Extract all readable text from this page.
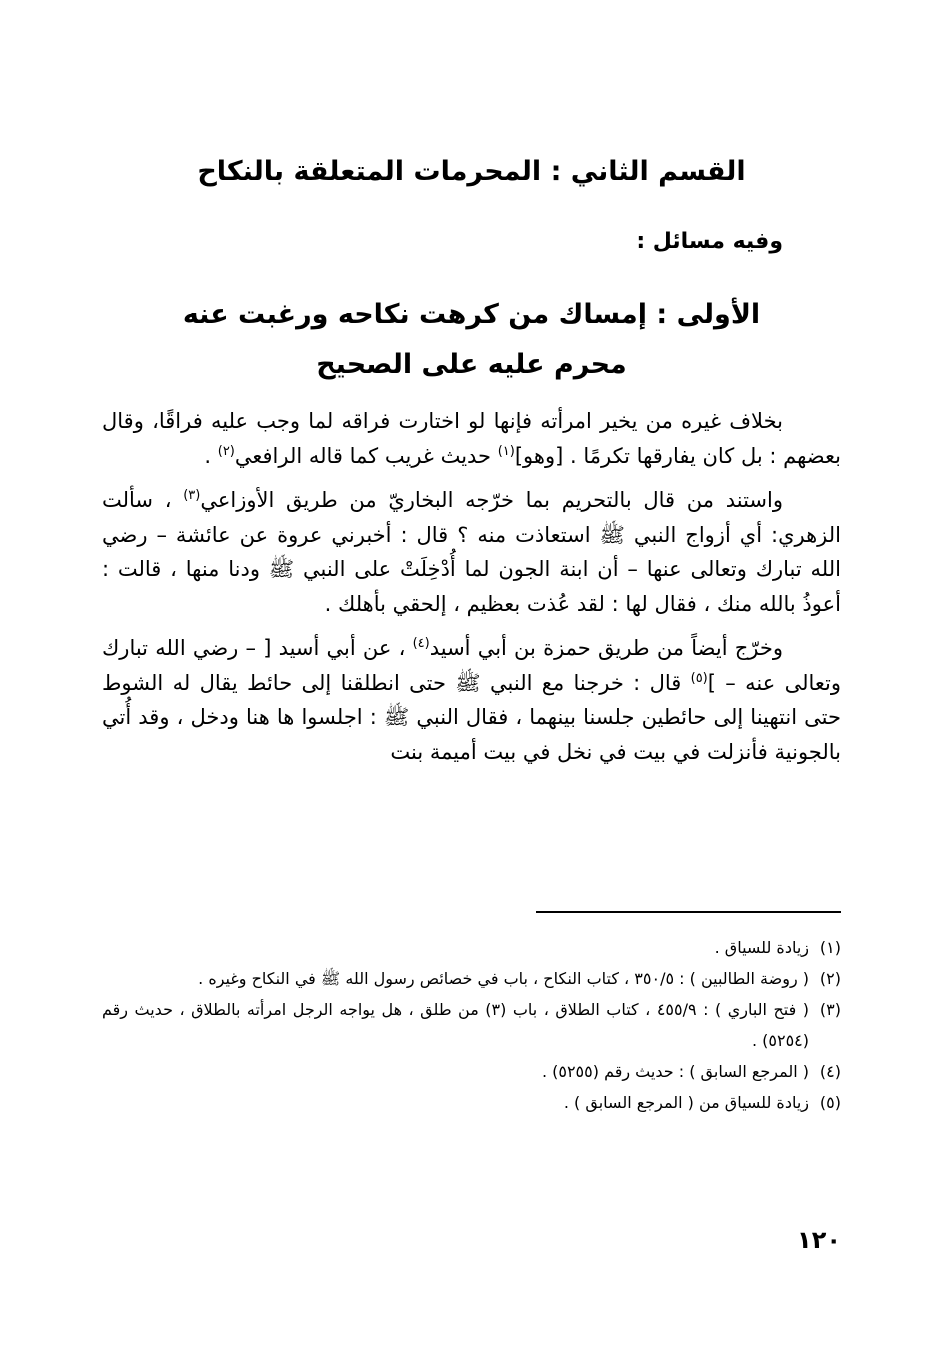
القسم الثاني : المحرمات المتعلقة بالنكاح
وفيه مسائل :
الأولى : إمساك من كرهت نكاحه ورغبت عنه
محرم عليه على الصحيح

بخلاف غيره من يخير امرأته فإنها لو اختارت فراقه لما وجب عليه فراقًا، وقال بعضهم : بل كان يفارقها تكرمًا . [وهو]$^{(١)}$ حديث غريب كما قاله الرافعي$^{(٢)}$ .

واستند من قال بالتحريم بما خرّجه البخاريّ من طريق الأوزاعي$^{(٣)}$ ، سألت الزهري: أي أزواج النبي ﷺ استعاذت منه ؟ قال : أخبرني عروة عن عائشة – رضي الله تبارك وتعالى عنها – أن ابنة الجون لما أُدْخِلَتْ على النبي ﷺ ودنا منها ، قالت : أعوذُ بالله منك ، فقال لها : لقد عُذت بعظيم ، إلحقي بأهلك .

وخرّج أيضاً من طريق حمزة بن أبي أسيد$^{(٤)}$ ، عن أبي أسيد [ – رضي الله تبارك وتعالى عنه – ]$^{(٥)}$ قال : خرجنا مع النبي ﷺ حتى انطلقنا إلى حائط يقال له الشوط حتى انتهينا إلى حائطين جلسنا بينهما ، فقال النبي ﷺ : اجلسوا ها هنا ودخل ، وقد أُتي بالجونية فأنزلت في بيت في نخل في بيت أميمة بنت

(١)
زيادة للسياق .
(٢)
( روضة الطالبين ) : ٣٥٠/٥ ، كتاب النكاح ، باب في خصائص رسول الله ﷺ في النكاح وغيره .
(٣)
( فتح الباري ) : ٤٥٥/٩ ، كتاب الطلاق ، باب (٣) من طلق ، هل يواجه الرجل امرأته بالطلاق ، حديث رقم (٥٢٥٤) .
(٤)
( المرجع السابق ) : حديث رقم (٥٢٥٥) .
(٥)
زيادة للسياق من ( المرجع السابق ) .
١٢٠
